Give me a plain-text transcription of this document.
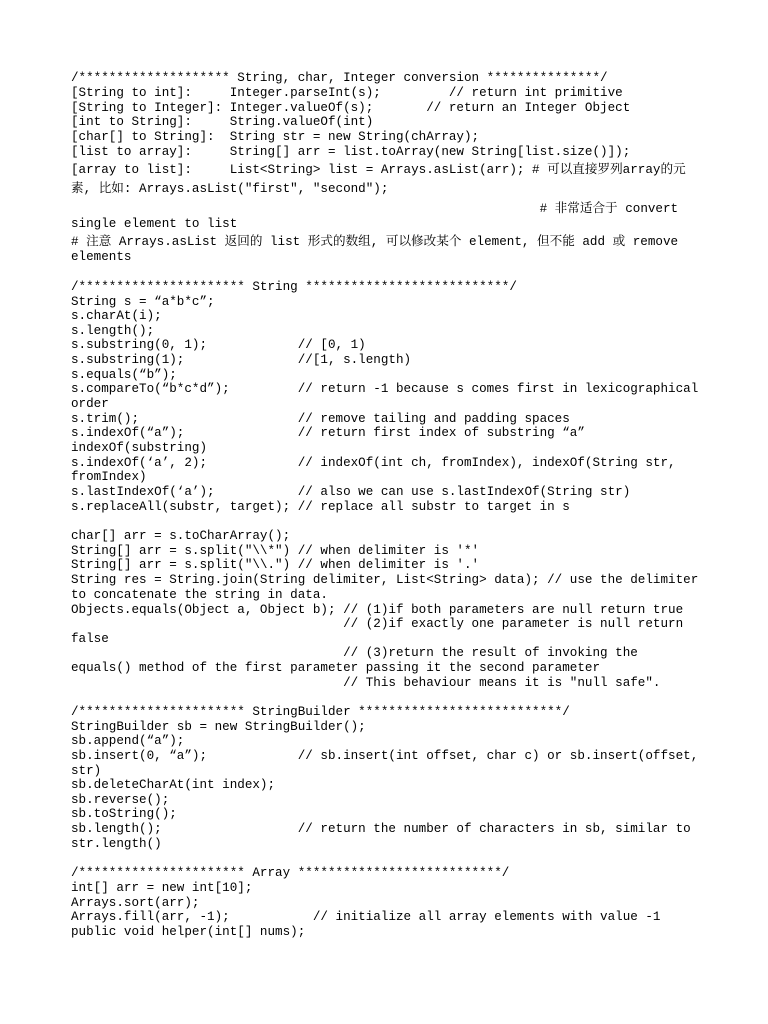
/******************** String, char, Integer conversion ***************/
[String to int]:     Integer.parseInt(s);         // return int primitive
[String to Integer]: Integer.valueOf(s);       // return an Integer Object
[int to String]:     String.valueOf(int)
[char[] to String]:  String str = new String(chArray);
[list to array]:     String[] arr = list.toArray(new String[list.size()]);
[array to list]:     List<String> list = Arrays.asList(arr); # 可以直接罗列array的元
素, 比如: Arrays.asList("first", "second");
# 非常适合于 convert
single element to list
# 注意 Arrays.asList 返回的 list 形式的数组, 可以修改某个 element, 但不能 add 或 remove
elements
/********************** String ***************************/
String s = “a*b*c”;
s.charAt(i);
s.length();
s.substring(0, 1);            // [0, 1)
s.substring(1);               //[1, s.length)
s.equals(“b”);
s.compareTo(“b*c*d”);         // return -1 because s comes first in lexicographical
order
s.trim();                     // remove tailing and padding spaces
s.indexOf(“a”);               // return first index of substring “a”
indexOf(substring)
s.indexOf(‘a’, 2);            // indexOf(int ch, fromIndex), indexOf(String str,
fromIndex)
s.lastIndexOf(‘a’);           // also we can use s.lastIndexOf(String str)
s.replaceAll(substr, target); // replace all substr to target in s
char[] arr = s.toCharArray();
String[] arr = s.split("\\*") // when delimiter is '*'
String[] arr = s.split("\\.") // when delimiter is '.'
String res = String.join(String delimiter, List<String> data); // use the delimiter
to concatenate the string in data.
Objects.equals(Object a, Object b); // (1)if both parameters are null return true
// (2)if exactly one parameter is null return
false
// (3)return the result of invoking the
equals() method of the first parameter passing it the second parameter
// This behaviour means it is "null safe".
/********************** StringBuilder ***************************/
StringBuilder sb = new StringBuilder();
sb.append(“a”);
sb.insert(0, “a”);            // sb.insert(int offset, char c) or sb.insert(offset,
str)
sb.deleteCharAt(int index);
sb.reverse();
sb.toString();
sb.length();                  // return the number of characters in sb, similar to
str.length()
/********************** Array ***************************/
int[] arr = new int[10];
Arrays.sort(arr);
Arrays.fill(arr, -1);           // initialize all array elements with value -1
public void helper(int[] nums);
